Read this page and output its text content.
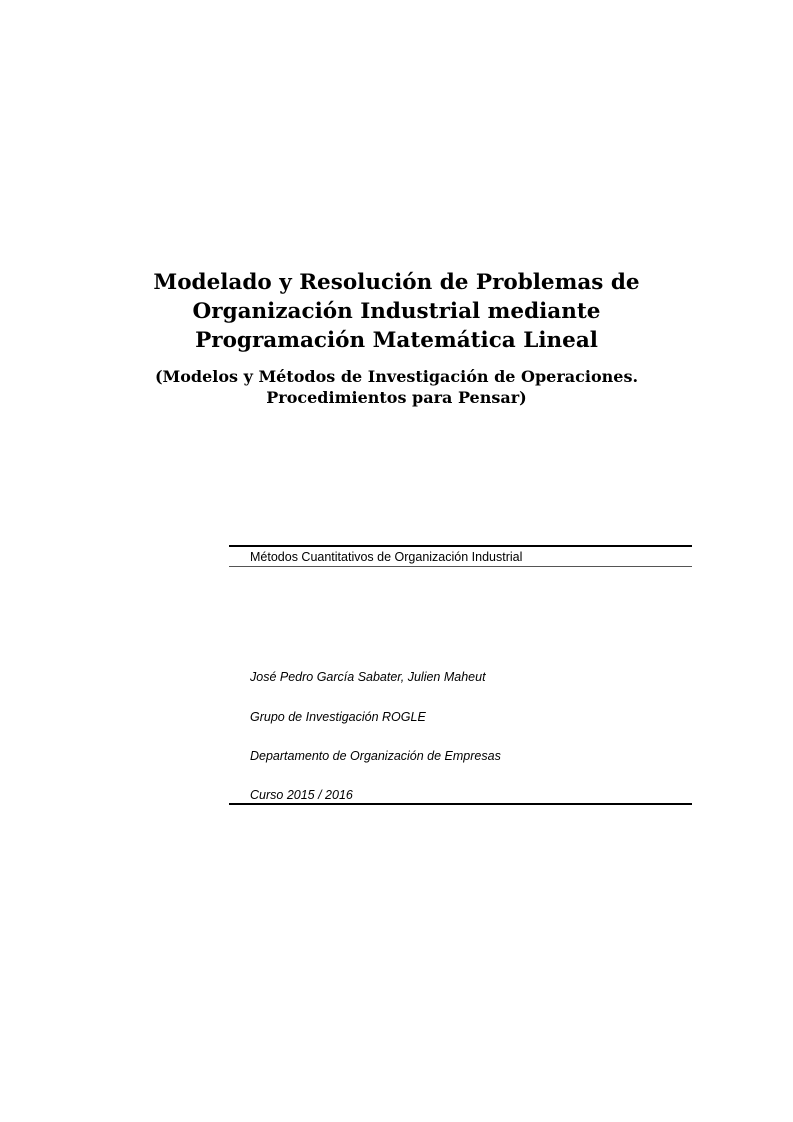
Modelado y Resolución de Problemas de
Organización Industrial mediante
Programación Matemática Lineal
(Modelos y Métodos de Investigación de Operaciones.
Procedimientos para Pensar)
Métodos Cuantitativos de Organización Industrial
José Pedro García Sabater, Julien Maheut
Grupo de Investigación ROGLE
Departamento de Organización de Empresas
Curso 2015 / 2016
